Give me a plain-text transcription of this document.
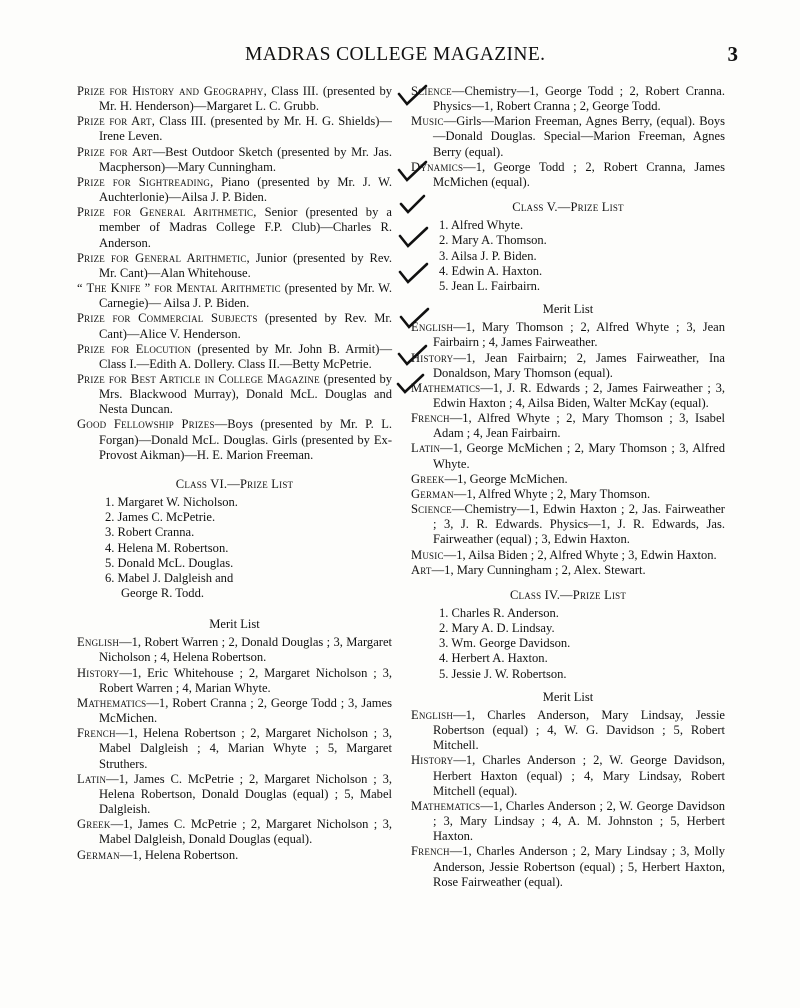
MADRAS COLLEGE MAGAZINE.	3
Prize for History and Geography, Class III. (presented by Mr. H. Henderson)—Margaret L. C. Grubb.
Prize for Art, Class III. (presented by Mr. H. G. Shields)—Irene Leven.
Prize for Art—Best Outdoor Sketch (presented by Mr. Jas. Macpherson)—Mary Cunningham.
Prize for Sightreading, Piano (presented by Mr. J. W. Auchterlonie)—Ailsa J. P. Biden.
Prize for General Arithmetic, Senior (presented by a member of Madras College F.P. Club)—Charles R. Anderson.
Prize for General Arithmetic, Junior (presented by Rev. Mr. Cant)—Alan Whitehouse.
“ The Knife ” for Mental Arithmetic (presented by Mr. W. Carnegie)— Ailsa J. P. Biden.
Prize for Commercial Subjects (presented by Rev. Mr. Cant)—Alice V. Henderson.
Prize for Elocution (presented by Mr. John B. Armit)—Class I.—Edith A. Dollery. Class II.—Betty McPetrie.
Prize for Best Article in College Magazine (presented by Mrs. Blackwood Murray), Donald McL. Douglas and Nesta Duncan.
Good Fellowship Prizes—Boys (presented by Mr. P. L. Forgan)—Donald McL. Douglas. Girls (presented by Ex-Provost Aikman)—H. E. Marion Freeman.
Class VI.—Prize List
1. Margaret W. Nicholson.
2. James C. McPetrie.
3. Robert Cranna.
4. Helena M. Robertson.
5. Donald McL. Douglas.
6. Mabel J. Dalgleish and George R. Todd.
Merit List
English—1, Robert Warren ; 2, Donald Douglas ; 3, Margaret Nicholson ; 4, Helena Robertson.
History—1, Eric Whitehouse ; 2, Margaret Nicholson ; 3, Robert Warren ; 4, Marian Whyte.
Mathematics—1, Robert Cranna ; 2, George Todd ; 3, James McMichen.
French—1, Helena Robertson ; 2, Margaret Nicholson ; 3, Mabel Dalgleish ; 4, Marian Whyte ; 5, Margaret Struthers.
Latin—1, James C. McPetrie ; 2, Margaret Nicholson ; 3, Helena Robertson, Donald Douglas (equal) ; 5, Mabel Dalgleish.
Greek—1, James C. McPetrie ; 2, Margaret Nicholson ; 3, Mabel Dalgleish, Donald Douglas (equal).
German—1, Helena Robertson.
Science—Chemistry—1, George Todd ; 2, Robert Cranna. Physics—1, Robert Cranna ; 2, George Todd.
Music—Girls—Marion Freeman, Agnes Berry, (equal). Boys—Donald Douglas. Special—Marion Freeman, Agnes Berry (equal).
Dynamics—1, George Todd ; 2, Robert Cranna, James McMichen (equal).
Class V.—Prize List
1. Alfred Whyte.
2. Mary A. Thomson.
3. Ailsa J. P. Biden.
4. Edwin A. Haxton.
5. Jean L. Fairbairn.
Merit List
English—1, Mary Thomson ; 2, Alfred Whyte ; 3, Jean Fairbairn ; 4, James Fairweather.
History—1, Jean Fairbairn; 2, James Fairweather, Ina Donaldson, Mary Thomson (equal).
Mathematics—1, J. R. Edwards ; 2, James Fairweather ; 3, Edwin Haxton ; 4, Ailsa Biden, Walter McKay (equal).
French—1, Alfred Whyte ; 2, Mary Thomson ; 3, Isabel Adam ; 4, Jean Fairbairn.
Latin—1, George McMichen ; 2, Mary Thomson ; 3, Alfred Whyte.
Greek—1, George McMichen.
German—1, Alfred Whyte ; 2, Mary Thomson.
Science—Chemistry—1, Edwin Haxton ; 2, Jas. Fairweather ; 3, J. R. Edwards. Physics—1, J. R. Edwards, Jas. Fairweather (equal) ; 3, Edwin Haxton.
Music—1, Ailsa Biden ; 2, Alfred Whyte ; 3, Edwin Haxton.
Art—1, Mary Cunningham ; 2, Alex. Stewart.
Class IV.—Prize List
1. Charles R. Anderson.
2. Mary A. D. Lindsay.
3. Wm. George Davidson.
4. Herbert A. Haxton.
5. Jessie J. W. Robertson.
Merit List
English—1, Charles Anderson, Mary Lindsay, Jessie Robertson (equal) ; 4, W. G. Davidson ; 5, Robert Mitchell.
History—1, Charles Anderson ; 2, W. George Davidson, Herbert Haxton (equal) ; 4, Mary Lindsay, Robert Mitchell (equal).
Mathematics—1, Charles Anderson ; 2, W. George Davidson ; 3, Mary Lindsay ; 4, A. M. Johnston ; 5, Herbert Haxton.
French—1, Charles Anderson ; 2, Mary Lindsay ; 3, Molly Anderson, Jessie Robertson (equal) ; 5, Herbert Haxton, Rose Fairweather (equal).
